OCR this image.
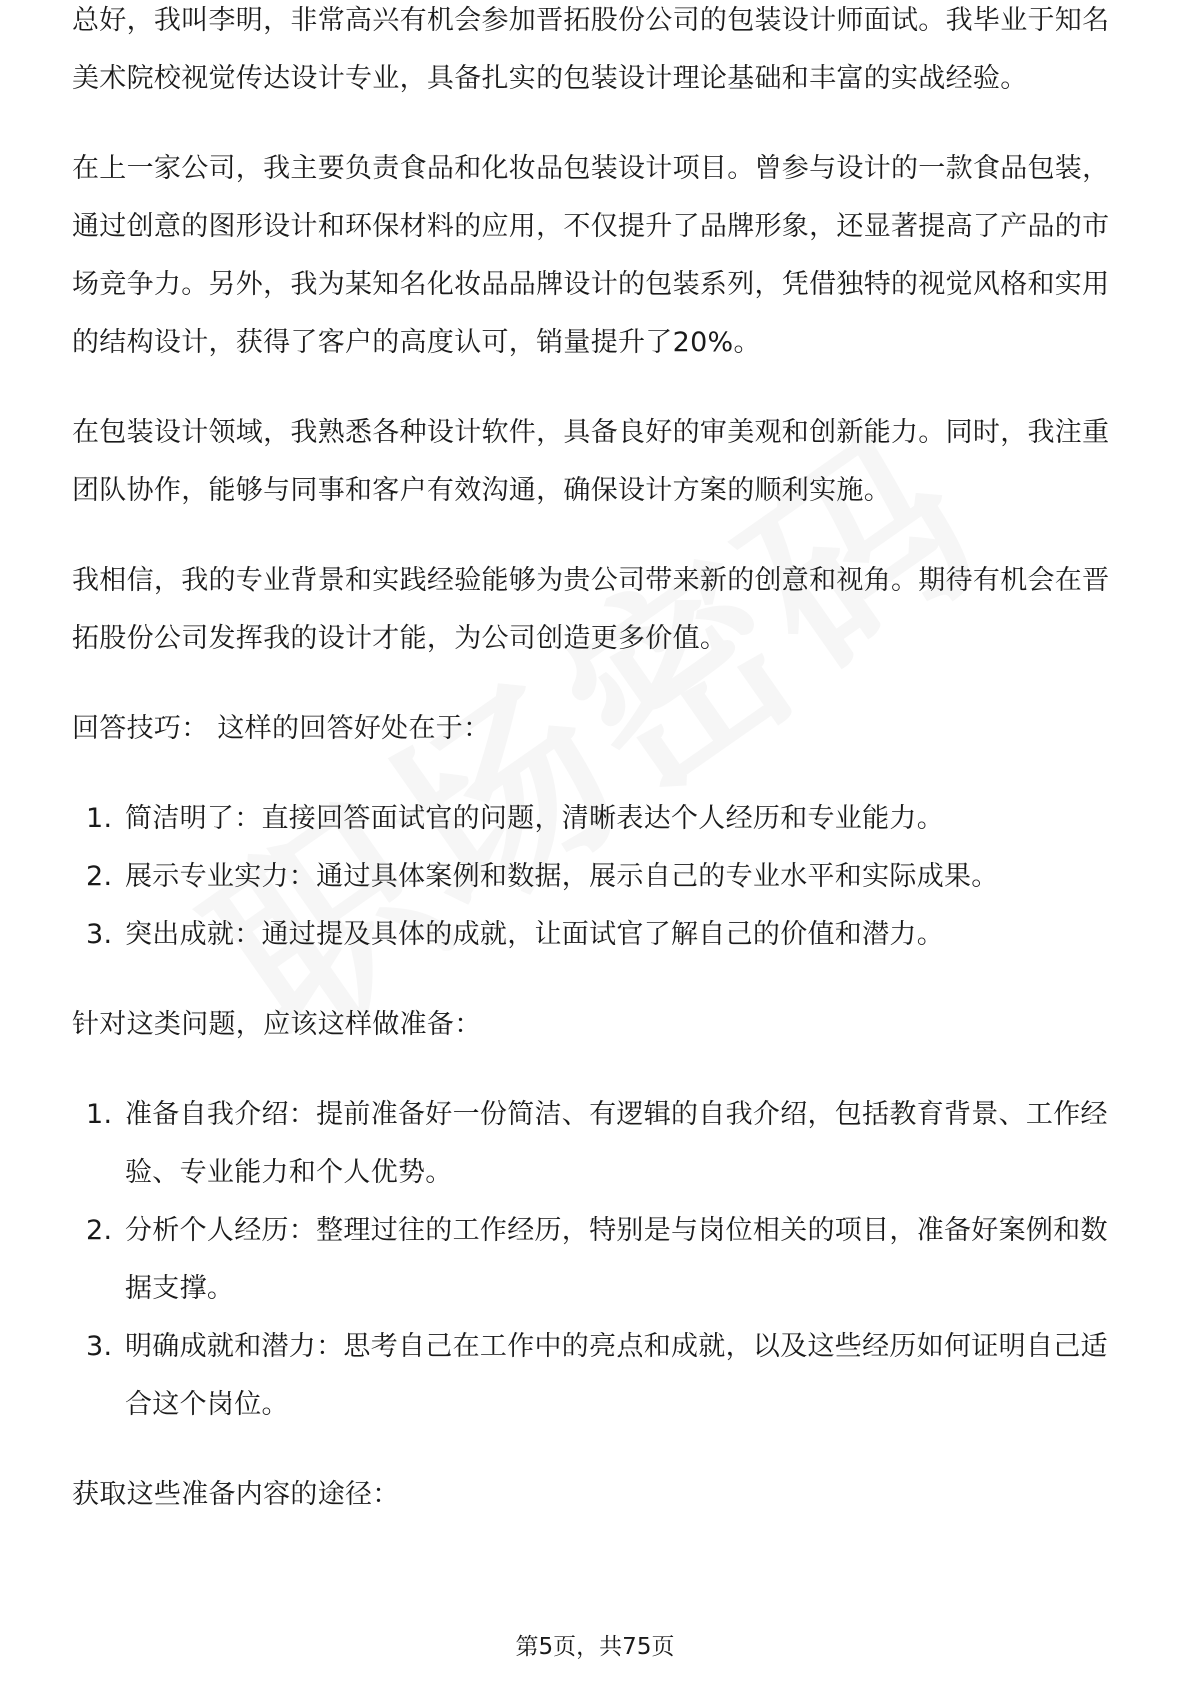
总好，我叫李明，非常高兴有机会参加晋拓股份公司的包装设计师面试。我毕业于知名美术院校视觉传达设计专业，具备扎实的包装设计理论基础和丰富的实战经验。

在上一家公司，我主要负责食品和化妆品包装设计项目。曾参与设计的一款食品包装，通过创意的图形设计和环保材料的应用，不仅提升了品牌形象，还显著提高了产品的市场竞争力。另外，我为某知名化妆品品牌设计的包装系列，凭借独特的视觉风格和实用的结构设计，获得了客户的高度认可，销量提升了20%。

在包装设计领域，我熟悉各种设计软件，具备良好的审美观和创新能力。同时，我注重团队协作，能够与同事和客户有效沟通，确保设计方案的顺利实施。

我相信，我的专业背景和实践经验能够为贵公司带来新的创意和视角。期待有机会在晋拓股份公司发挥我的设计才能，为公司创造更多价值。

回答技巧： 这样的回答好处在于：

1. 简洁明了：直接回答面试官的问题，清晰表达个人经历和专业能力。
2. 展示专业实力：通过具体案例和数据，展示自己的专业水平和实际成果。
3. 突出成就：通过提及具体的成就，让面试官了解自己的价值和潜力。

针对这类问题，应该这样做准备：

1. 准备自我介绍：提前准备好一份简洁、有逻辑的自我介绍，包括教育背景、工作经验、专业能力和个人优势。
2. 分析个人经历：整理过往的工作经历，特别是与岗位相关的项目，准备好案例和数据支撑。
3. 明确成就和潜力：思考自己在工作中的亮点和成就，以及这些经历如何证明自己适合这个岗位。

获取这些准备内容的途径：

第5页，共75页
